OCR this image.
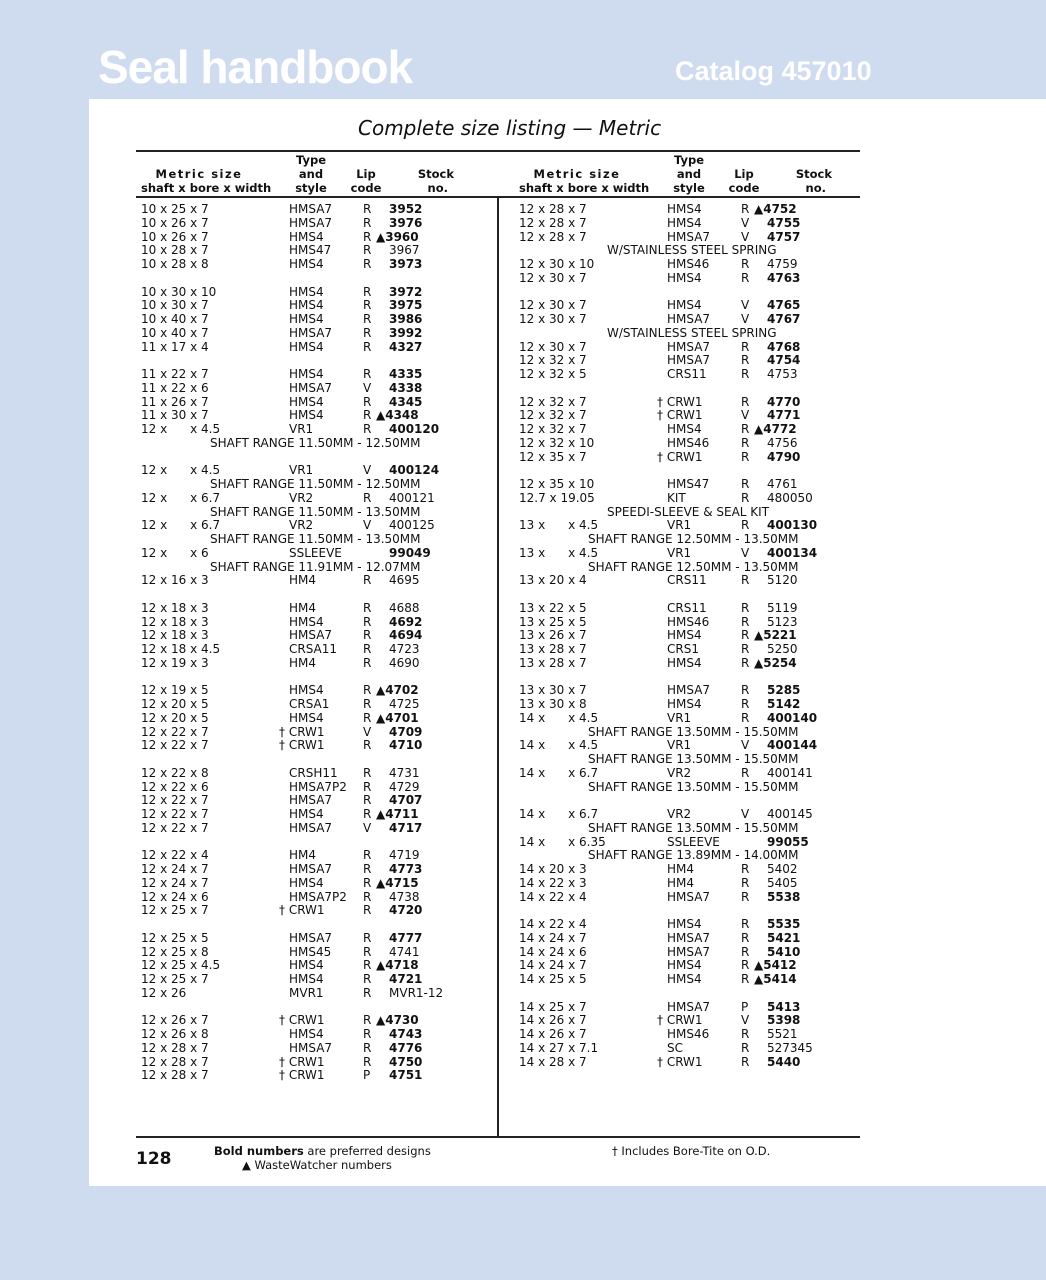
Seal handbook	Catalog 457010
Complete size listing — Metric
Type
Metric size	and	Lip	Stock
shaft x bore x width	style	code	no.
Type
Metric size	and	Lip	Stock
shaft x bore x width	style	code	no.
10 x 25 x 7	HMSA7	R 3952
10 x 26 x 7	HMSA7	R 3976
10 x 26 x 7	HMS4	R ▲3960
10 x 28 x 7	HMS47	R 3967
10 x 28 x 8	HMS4	R 3973
10 x 30 x 10	HMS4	R 3972
10 x 30 x 7	HMS4	R 3975
10 x 40 x 7	HMS4	R 3986
10 x 40 x 7	HMSA7	R 3992
11 x 17 x 4	HMS4	R 4327
11 x 22 x 7	HMS4	R 4335
11 x 22 x 6	HMSA7	V 4338
11 x 26 x 7	HMS4	R 4345
11 x 30 x 7	HMS4	R ▲4348
12 x      x 4.5	VR1	R 400120
SHAFT RANGE 11.50MM - 12.50MM
12 x      x 4.5	VR1	V 400124
SHAFT RANGE 11.50MM - 12.50MM
12 x      x 6.7	VR2	R 400121
SHAFT RANGE 11.50MM - 13.50MM
12 x      x 6.7	VR2	V 400125
SHAFT RANGE 11.50MM - 13.50MM
12 x      x 6	SSLEEVE	99049
SHAFT RANGE 11.91MM - 12.07MM
12 x 16 x 3	HM4	R 4695
12 x 18 x 3	HM4	R 4688
12 x 18 x 3	HMS4	R 4692
12 x 18 x 3	HMSA7	R 4694
12 x 18 x 4.5	CRSA11 R 4723
12 x 19 x 3	HM4	R 4690
12 x 19 x 5	HMS4	R ▲4702
12 x 20 x 5	CRSA1	R 4725
12 x 20 x 5	HMS4	R ▲4701
12 x 22 x 7	† CRW1	V 4709
12 x 22 x 7	† CRW1	R 4710
12 x 22 x 8	CRSH11 R 4731
12 x 22 x 6	HMSA7P2 R 4729
12 x 22 x 7	HMSA7	R 4707
12 x 22 x 7	HMS4	R ▲4711
12 x 22 x 7	HMSA7	V 4717
12 x 22 x 4	HM4	R 4719
12 x 24 x 7	HMSA7	R 4773
12 x 24 x 7	HMS4	R ▲4715
12 x 24 x 6	HMSA7P2 R 4738
12 x 25 x 7	† CRW1	R 4720
12 x 25 x 5	HMSA7	R 4777
12 x 25 x 8	HMS45	R 4741
12 x 25 x 4.5	HMS4	R ▲4718
12 x 25 x 7	HMS4	R 4721
12 x 26	MVR1	R MVR1-12
12 x 26 x 7	† CRW1	R ▲4730
12 x 26 x 8	HMS4	R 4743
12 x 28 x 7	HMSA7	R 4776
12 x 28 x 7	† CRW1	R 4750
12 x 28 x 7	† CRW1	P 4751
12 x 28 x 7	HMS4	R ▲4752
12 x 28 x 7	HMS4	V 4755
12 x 28 x 7	HMSA7	V 4757
W/STAINLESS STEEL SPRING
12 x 30 x 10	HMS46	R 4759
12 x 30 x 7	HMS4	R 4763
12 x 30 x 7	HMS4	V 4765
12 x 30 x 7	HMSA7	V 4767
W/STAINLESS STEEL SPRING
12 x 30 x 7	HMSA7	R 4768
12 x 32 x 7	HMSA7	R 4754
12 x 32 x 5	CRS11	R 4753
12 x 32 x 7	† CRW1	R 4770
12 x 32 x 7	† CRW1	V 4771
12 x 32 x 7	HMS4	R ▲4772
12 x 32 x 10	HMS46	R 4756
12 x 35 x 7	† CRW1	R 4790
12 x 35 x 10	HMS47	R 4761
12.7 x 19.05	KIT	R 480050
SPEEDI-SLEEVE & SEAL KIT
13 x      x 4.5	VR1	R 400130
SHAFT RANGE 12.50MM - 13.50MM
13 x      x 4.5	VR1	V 400134
SHAFT RANGE 12.50MM - 13.50MM
13 x 20 x 4	CRS11	R 5120
13 x 22 x 5	CRS11	R 5119
13 x 25 x 5	HMS46	R 5123
13 x 26 x 7	HMS4	R ▲5221
13 x 28 x 7	CRS1	R 5250
13 x 28 x 7	HMS4	R ▲5254
13 x 30 x 7	HMSA7	R 5285
13 x 30 x 8	HMS4	R 5142
14 x      x 4.5	VR1	R 400140
SHAFT RANGE 13.50MM - 15.50MM
14 x      x 4.5	VR1	V 400144
SHAFT RANGE 13.50MM - 15.50MM
14 x      x 6.7	VR2	R 400141
SHAFT RANGE 13.50MM - 15.50MM
14 x      x 6.7	VR2	V 400145
SHAFT RANGE 13.50MM - 15.50MM
14 x      x 6.35	SSLEEVE	99055
SHAFT RANGE 13.89MM - 14.00MM
14 x 20 x 3	HM4	R 5402
14 x 22 x 3	HM4	R 5405
14 x 22 x 4	HMSA7	R 5538
14 x 22 x 4	HMS4	R 5535
14 x 24 x 7	HMSA7	R 5421
14 x 24 x 6	HMSA7	R 5410
14 x 24 x 7	HMS4	R ▲5412
14 x 25 x 5	HMS4	R ▲5414
14 x 25 x 7	HMSA7	P 5413
14 x 26 x 7	† CRW1	V 5398
14 x 26 x 7	HMS46	R 5521
14 x 27 x 7.1	SC	R 527345
14 x 28 x 7	† CRW1	R 5440
128	Bold numbers are preferred designs
▲ WasteWatcher numbers
† Includes Bore-Tite on O.D.
